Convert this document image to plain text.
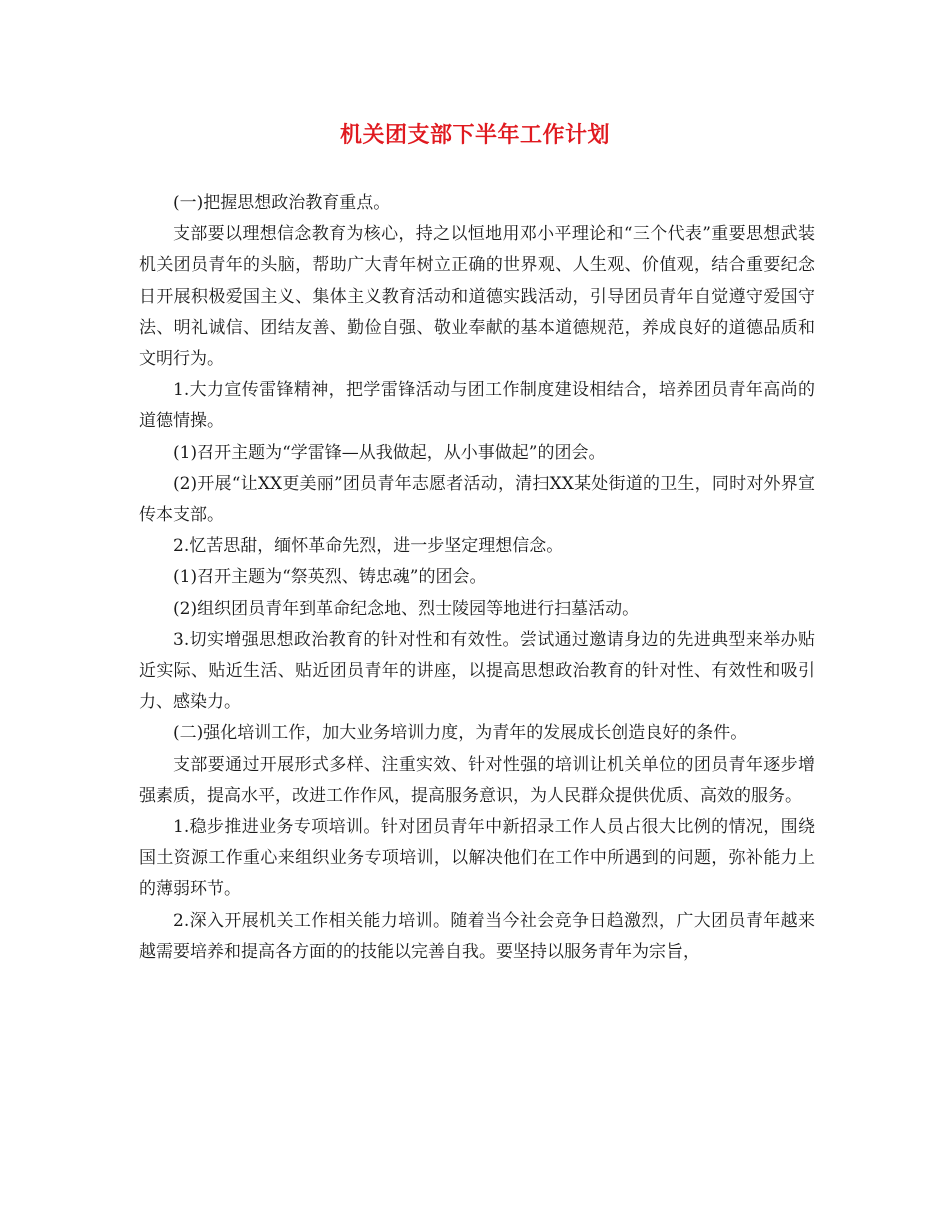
机关团支部下半年工作计划

(一)把握思想政治教育重点。

支部要以理想信念教育为核心，持之以恒地用邓小平理论和“三个代表”重要思想武装机关团员青年的头脑，帮助广大青年树立正确的世界观、人生观、价值观，结合重要纪念日开展积极爱国主义、集体主义教育活动和道德实践活动，引导团员青年自觉遵守爱国守法、明礼诚信、团结友善、勤俭自强、敬业奉献的基本道德规范，养成良好的道德品质和文明行为。

1.大力宣传雷锋精神，把学雷锋活动与团工作制度建设相结合，培养团员青年高尚的道德情操。

(1)召开主题为“学雷锋—从我做起，从小事做起”的团会。

(2)开展“让XX更美丽”团员青年志愿者活动，清扫XX某处街道的卫生，同时对外界宣传本支部。

2.忆苦思甜，缅怀革命先烈，进一步坚定理想信念。

(1)召开主题为“祭英烈、铸忠魂”的团会。

(2)组织团员青年到革命纪念地、烈士陵园等地进行扫墓活动。

3.切实增强思想政治教育的针对性和有效性。尝试通过邀请身边的先进典型来举办贴近实际、贴近生活、贴近团员青年的讲座，以提高思想政治教育的针对性、有效性和吸引力、感染力。

(二)强化培训工作，加大业务培训力度，为青年的发展成长创造良好的条件。

支部要通过开展形式多样、注重实效、针对性强的培训让机关单位的团员青年逐步增强素质，提高水平，改进工作作风，提高服务意识，为人民群众提供优质、高效的服务。

1.稳步推进业务专项培训。针对团员青年中新招录工作人员占很大比例的情况，围绕国土资源工作重心来组织业务专项培训，以解决他们在工作中所遇到的问题，弥补能力上的薄弱环节。

2.深入开展机关工作相关能力培训。随着当今社会竞争日趋激烈，广大团员青年越来越需要培养和提高各方面的的技能以完善自我。要坚持以服务青年为宗旨，
